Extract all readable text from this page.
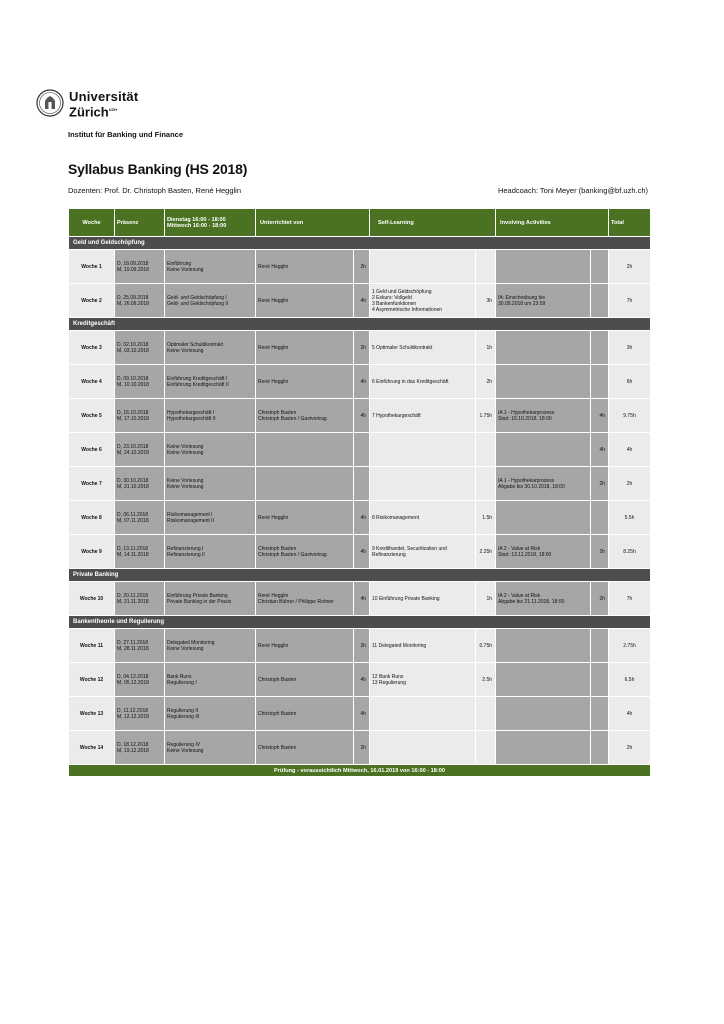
Universität
Zürich$^{UZH}$
Institut für Banking und Finance
Syllabus Banking (HS 2018)
Dozenten: Prof. Dr. Christoph Basten, René Hegglin	Headcoach: Toni Meyer (banking@bf.uzh.ch)
Woche	Präsenz	Dienstag 16:00 - 18:00
Mittwoch 16:00 - 18:00	Unterrichtet von		Self-Learning		Involving Activities		Total
Geld und Geldschöpfung									
Woche 1	D, 18.09.2018
M, 19.09.2018	Einführung
Keine Vorlesung	René Hegglin	2h					2h
Woche 2	D, 25.09.2018
M, 26.09.2018	Geld- und Geldschöpfung I
Geld- und Geldschöpfung II	René Hegglin	4h	1 Geld und Geldschöpfung
2 Exkurs: Vollgeld
3 Bankenfunktionen
4 Asymmetrische Informationen	3h	IA: Einschreibung bis
30.09.2018 um 23:59		7h
Kreditgeschäft									
Woche 3	D, 02.10.2018
M, 03.10.2018	Optimaler Schuldkontrakt
Keine Vorlesung	René Hegglin	2h	5 Optimaler Schuldkontrakt	1h			3h
Woche 4	D, 09.10.2018
M, 10.10.2018	Einführung Kreditgeschäft I
Einführung Kreditgeschäft II	René Hegglin	4h	6 Einführung in das Kreditgeschäft	2h			6h
Woche 5	D, 16.10.2018
M, 17.10.2018	Hypothekargeschäft I
Hypothekargeschäft II	Christoph Basten
Christoph Basten / Gastvortrag	4h	7 Hypothekargeschäft	1.75h	IA 1 - Hypothekarprozess
Start: 16.10.2018, 18:00	4h	9.75h
Woche 6	D, 23.10.2018
M, 24.10.2018	Keine Vorlesung
Keine Vorlesung						4h	4h
Woche 7	D, 30.10.2018
M, 31.10.2018	Keine Vorlesung
Keine Vorlesung					IA 1 - Hypothekarprozess
Abgabe bis 30.10.2018, 18:00	2h	2h
Woche 8	D, 06.11.2018
M, 07.11.2018	Risikomanagement I
Risikomanagement II	René Hegglin	4h	8 Risikomanagement	1.5h			5.5h
Woche 9	D, 13.11.2018
M, 14.11.2018	Refinanzierung I
Refinanzierung II	Christoph Basten
Christoph Basten / Gastvortrag	4h	9 Kredithandel, Securitization und
Refinanzierung	2.25h	IA 2 - Value at Risk
Start: 13.11.2018, 18:00	2h	8.25h
Private Banking									
Woche 10	D, 20.11.2018
M, 21.11.2018	Einführung Private Banking
Private Banking in der Praxis	René Hegglin
Christian Bührer / Philippe Rohner	4h	10 Einführung Private Banking	1h	IA 2 - Value at Risk
Abgabe bis 21.11.2018, 18:00	2h	7h
Bankentheorie und Regulierung									
Woche 11	D, 27.11.2018
M, 28.11.2018	Delegated Monitoring
Keine Vorlesung	René Hegglin	2h	11 Delegated Monitoring	0.75h			2.75h
Woche 12	D, 04.12.2018
M, 05.12.2018	Bank Runs
Regulierung I	Christoph Basten	4h	12 Bank Runs
13 Regulierung	2.5h			6.5h
Woche 13	D, 11.12.2018
M, 12.12.2018	Regulierung II
Regulierung III	Christoph Basten	4h					4h
Woche 14	D, 18.12.2018
M, 19.12.2018	Regulierung IV
Keine Vorlesung	Christoph Basten	2h					2h
Prüfung - voraussichtlich Mittwoch, 16.01.2019 von 16:00 - 18:00									
